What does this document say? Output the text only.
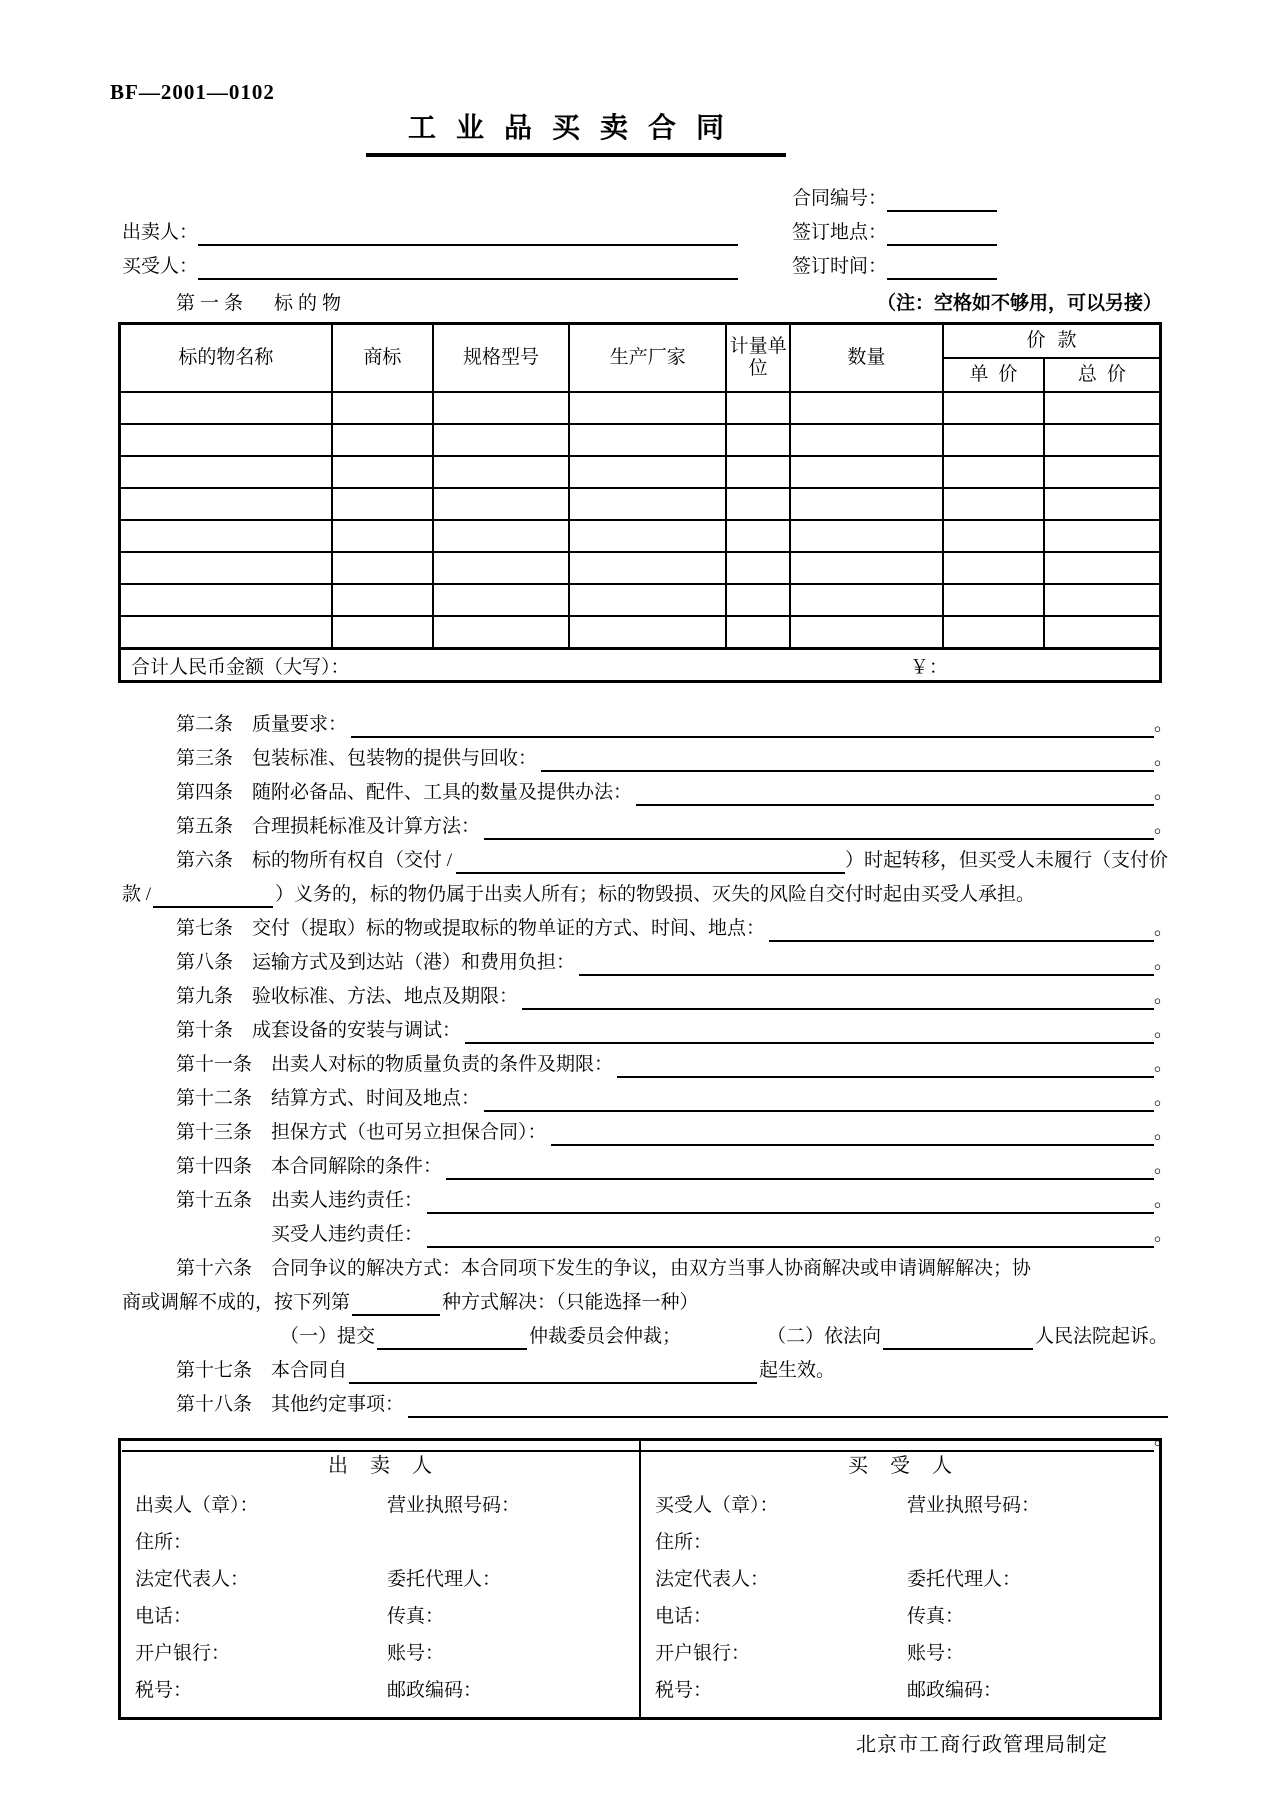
BF—2001—0102
工业品买卖合同
合同编号：
签订地点：
签订时间：
出卖人：
买受人：
第一条 标的物	（注：空格如不够用，可以另接）
标的物名称	商标	规格型号	生产厂家	计量单位	数量	价款	
						单价	总价

合计人民币金额（大写）： ￥：							
第二条 质量要求：	。
第三条 包装标准、包装物的提供与回收：	。
第四条 随附必备品、配件、工具的数量及提供办法：	。
第五条 合理损耗标准及计算方法：	。
第六条 标的物所有权自（交付 /	）时起转移，但买受人未履行（支付价
款 /	）义务的，标的物仍属于出卖人所有；标的物毁损、灭失的风险自交付时起由买受人承担。
第七条 交付（提取）标的物或提取标的物单证的方式、时间、地点：	。
第八条 运输方式及到达站（港）和费用负担：	。
第九条 验收标准、方法、地点及期限：	。
第十条 成套设备的安装与调试：	。
第十一条 出卖人对标的物质量负责的条件及期限：	。
第十二条 结算方式、时间及地点：	。
第十三条 担保方式（也可另立担保合同）：	。
第十四条 本合同解除的条件：	。
第十五条 出卖人违约责任：	。
买受人违约责任：	。
第十六条 合同争议的解决方式：本合同项下发生的争议，由双方当事人协商解决或申请调解解决；协
商或调解不成的，按下列第	种方式解决：（只能选择一种）
（一）提交	仲裁委员会仲裁；	（二）依法向	人民法院起诉。
第十七条 本合同自	起生效。
第十八条 其他约定事项：
。
出卖人
出卖人（章）：	营业执照号码：
住所：
法定代表人：	委托代理人：
电话：	传真：
开户银行：	账号：
税号：	邮政编码：
买受人
买受人（章）：	营业执照号码：
住所：
法定代表人：	委托代理人：
电话：	传真：
开户银行：	账号：
税号：	邮政编码：
北京市工商行政管理局制定
